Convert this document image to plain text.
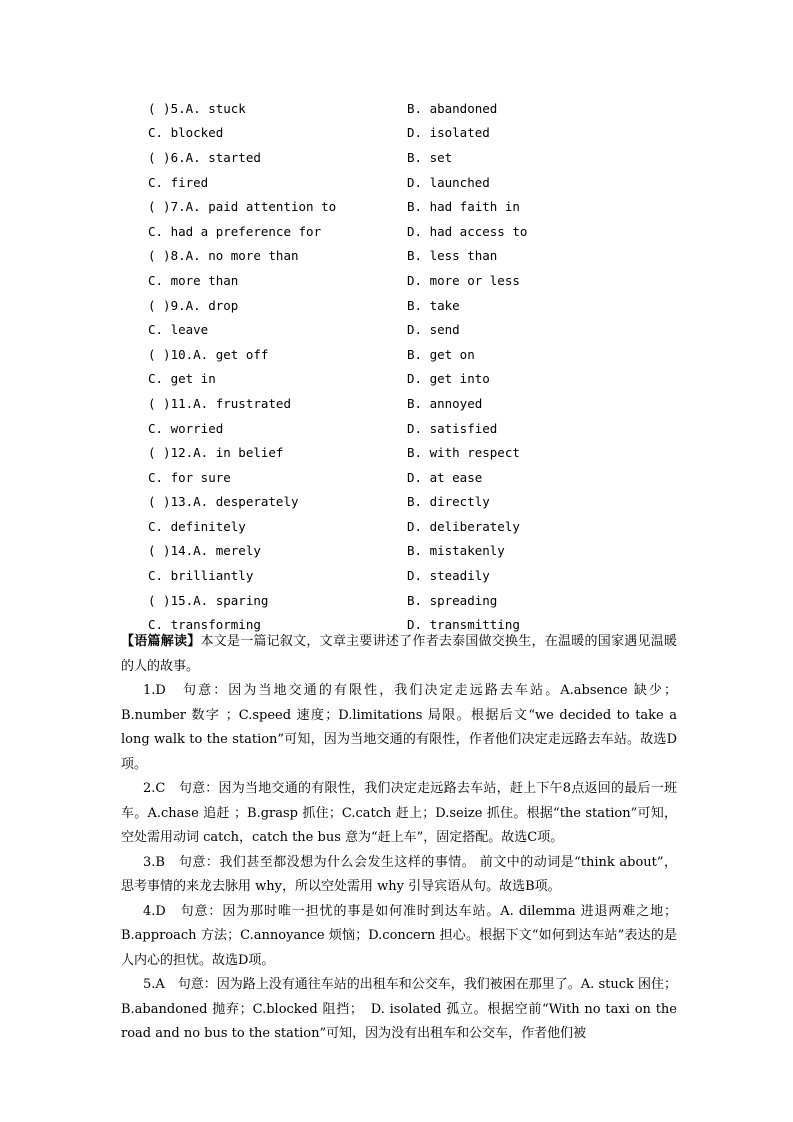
( )5.A. stuck	B. abandoned
C. blocked	D. isolated
( )6.A. started	B. set
C. fired	D. launched
( )7.A. paid attention to	B. had faith in
C. had a preference for	D. had access to
( )8.A. no more than	B. less than
C. more than	D. more or less
( )9.A. drop	B. take
C. leave	D. send
( )10.A. get off	B. get on
C. get in	D. get into
( )11.A. frustrated	B. annoyed
C. worried	D. satisfied
( )12.A. in belief	B. with respect
C. for sure	D. at ease
( )13.A. desperately	B. directly
C. definitely	D. deliberately
( )14.A. merely	B. mistakenly
C. brilliantly	D. steadily
( )15.A. sparing	B. spreading
C. transforming	D. transmitting

【语篇解读】本文是一篇记叙文，文章主要讲述了作者去泰国做交换生，在温暖的国家遇见温暖的人的故事。

1.D　句意：因为当地交通的有限性，我们决定走远路去车站。A.absence 缺少；B.number 数字 ；C.speed 速度；D.limitations 局限。根据后文“we decided to take a long walk to the station”可知，因为当地交通的有限性，作者他们决定走远路去车站。故选D项。

2.C　句意：因为当地交通的有限性，我们决定走远路去车站，赶上下午8点返回的最后一班车。A.chase 追赶 ；B.grasp 抓住；C.catch 赶上；D.seize 抓住。根据“the station”可知，空处需用动词 catch，catch the bus 意为“赶上车”，固定搭配。故选C项。

3.B　句意：我们甚至都没想为什么会发生这样的事情。 前文中的动词是“think about”， 思考事情的来龙去脉用 why，所以空处需用 why 引导宾语从句。故选B项。

4.D　句意：因为那时唯一担忧的事是如何准时到达车站。A. dilemma 进退两难之地；B.approach 方法；C.annoyance 烦恼；D.concern 担心。根据下文“如何到达车站”表达的是人内心的担忧。故选D项。

5.A　句意：因为路上没有通往车站的出租车和公交车，我们被困在那里了。A. stuck 困住；B.abandoned 抛弃；C.blocked 阻挡；　D. isolated 孤立。根据空前“With no taxi on the road and no bus to the station”可知，因为没有出租车和公交车，作者他们被
